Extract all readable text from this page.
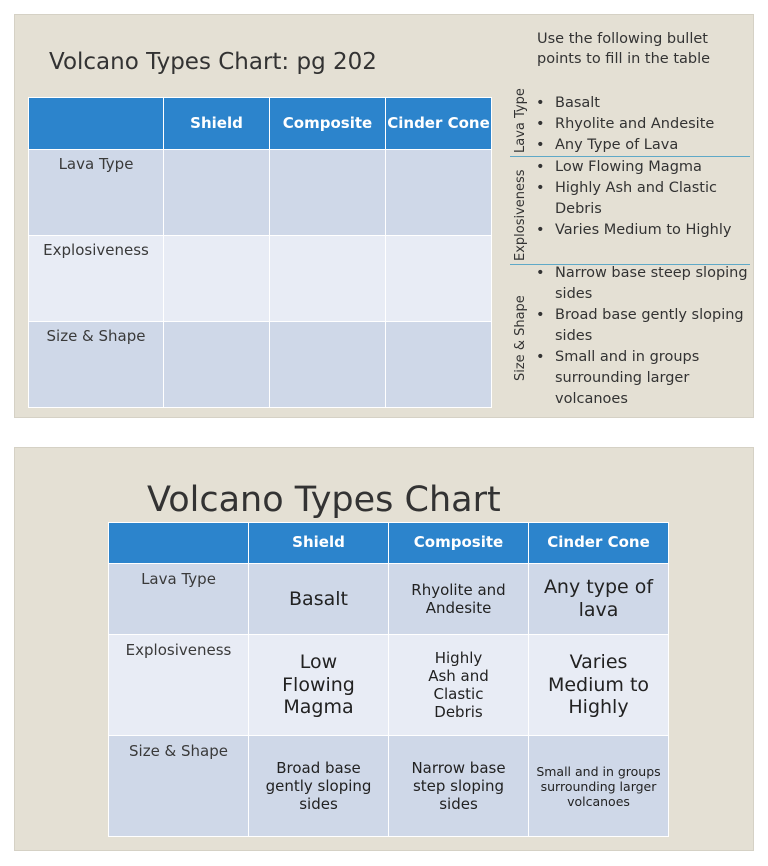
Volcano Types Chart: pg 202
	Shield	Composite	Cinder Cone
Lava Type			
Explosiveness			
Size & Shape			
Use the following bullet points to fill in the table
Lava Type	• Basalt
• Rhyolite and Andesite
• Any Type of Lava
Explosiveness
• Low Flowing Magma
• Highly Ash and Clastic Debris
• Varies Medium to Highly
Size & Shape
• Narrow base steep sloping sides
• Broad base gently sloping sides
• Small and in groups surrounding larger volcanoes
Volcano Types Chart
	Shield	Composite	Cinder Cone
Lava Type	Basalt	Rhyolite and Andesite	Any type of lava
Explosiveness	Low Flowing Magma	Highly Ash and Clastic Debris	Varies Medium to Highly
Size & Shape	Broad base gently sloping sides	Narrow base step sloping sides	Small and in groups surrounding larger volcanoes
